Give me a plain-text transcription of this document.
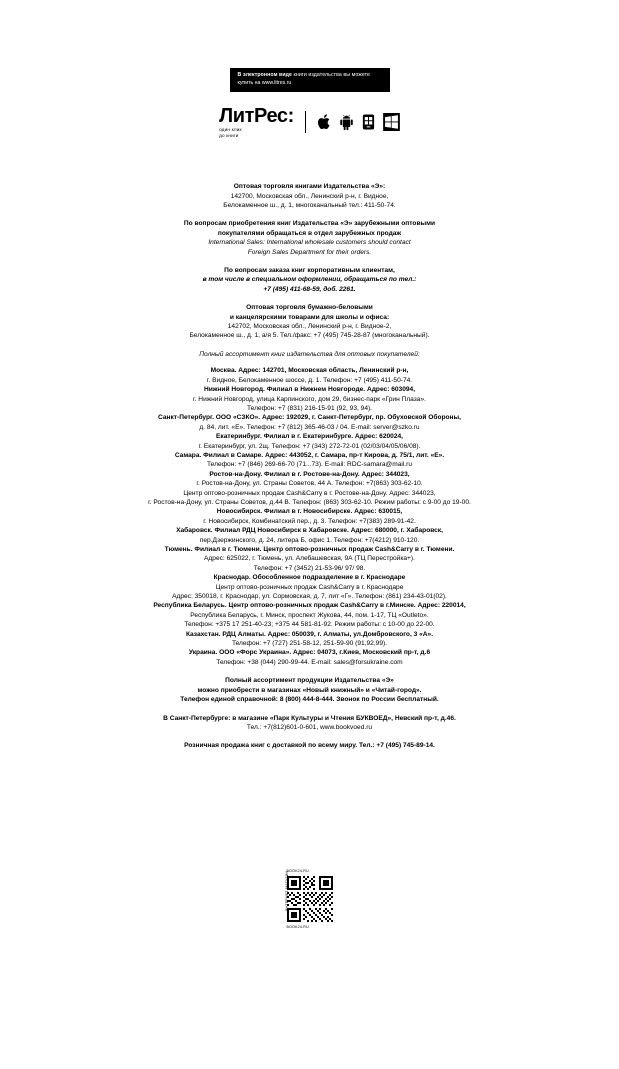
В электронном виде книги издательства вы можете
купить на www.litres.ru
ЛитРес:
один клик
до книги
Оптовая торговля книгами Издательства «Э»:
142700, Московская обл., Ленинский р-н, г. Видное,
Белокаменное ш., д. 1, многоканальный тел.: 411-50-74.
По вопросам приобретения книг Издательства «Э» зарубежными оптовыми
покупателями обращаться в отдел зарубежных продаж
International Sales: International wholesale customers should contact
Foreign Sales Department for their orders.
По вопросам заказа книг корпоративным клиентам,
в том числе в специальном оформлении, обращаться по тел.:
+7 (495) 411-68-59, доб. 2261.
Оптовая торговля бумажно-беловыми
и канцелярскими товарами для школы и офиса:
142702, Московская обл., Ленинский р-н, г. Видное-2,
Белокаменное ш., д. 1, а/я 5. Тел./факс: +7 (495) 745-28-87 (многоканальный).
Полный ассортимент книг издательства для оптовых покупателей:
Москва. Адрес: 142701, Московская область, Ленинский р-н,
г. Видное, Белокаменное шоссе, д. 1. Телефон: +7 (495) 411-50-74.
Нижний Новгород. Филиал в Нижнем Новгороде. Адрес: 603094,
г. Нижний Новгород, улица Карпинского, дом 29, бизнес-парк «Грин Плаза».
Телефон: +7 (831) 216-15-91 (92, 93, 94).
Санкт-Петербург. ООО «СЗКО». Адрес: 192029, г. Санкт-Петербург, пр. Обуховской Обороны,
д. 84, лит. «Е». Телефон: +7 (812) 365-46-03 / 04. E-mail: server@szko.ru
Екатеринбург. Филиал в г. Екатеринбурге. Адрес: 620024,
г. Екатеринбург, ул. 2щ. Телефон: +7 (343) 272-72-01 (02/03/04/05/06/08).
Самара. Филиал в Самаре. Адрес: 443052, г. Самара, пр-т Кирова, д. 75/1, лит. «Е».
Телефон: +7 (846) 269-66-70 (71...73). E-mail: RDC-samara@mail.ru
Ростов-на-Дону. Филиал в г. Ростове-на-Дону. Адрес: 344023,
г. Ростов-на-Дону, ул. Страны Советов, 44 А. Телефон: +7(863) 303-62-10.
Центр оптово-розничных продаж Cash&Carry в г. Ростове-на-Дону. Адрес: 344023,
г. Ростов-на-Дону, ул. Страны Советов, д.44 В. Телефон: (863) 303-62-10. Режим работы: с 9-00 до 19-00.
Новосибирск. Филиал в г. Новосибирске. Адрес: 630015,
г. Новосибирск, Комбинатский пер., д. 3. Телефон: +7(383) 289-91-42.
Хабаровск. Филиал РДЦ Новосибирск в Хабаровске. Адрес: 680000, г. Хабаровск,
пер.Дзержинского, д. 24, литера Б, офис 1. Телефон: +7(4212) 910-120.
Тюмень. Филиал в г. Тюмени. Центр оптово-розничных продаж Cash&Carry в г. Тюмени.
Адрес: 625022, г. Тюмень, ул. Алебашевская, 9А (ТЦ Перестройка+).
Телефон: +7 (3452) 21-53-96/ 97/ 98.
Краснодар. Обособленное подразделение в г. Краснодаре
Центр оптово-розничных продаж Cash&Carry в г. Краснодаре
Адрес: 350018, г. Краснодар, ул. Сормовская, д. 7, лит «Г». Телефон: (861) 234-43-01(02).
Республика Беларусь. Центр оптово-розничных продаж Cash&Carry в г.Минске. Адрес: 220014,
Республика Беларусь, г. Минск, проспект Жукова, 44, пом. 1-17, ТЦ «Outleto».
Телефон: +375 17 251-40-23; +375 44 581-81-92. Режим работы: с 10-00 до 22-00.
Казахстан. РДЦ Алматы. Адрес: 050039, г. Алматы, ул.Домбровского, 3 «А».
Телефон: +7 (727) 251-58-12, 251-59-90 (91,92,99).
Украина. ООО «Форс Украина». Адрес: 04073, г.Киев, Московский пр-т, д.6
Телефон: +38 (044) 290-99-44. E-mail: sales@forsukraine.com
Полный ассортимент продукции Издательства «Э»
можно приобрести в магазинах «Новый книжный» и «Читай-город».
Телефон единой справочной: 8 (800) 444-8-444. Звонок по России бесплатный.
В Санкт-Петербурге: в магазине «Парк Культуры и Чтения БУКВОЕД», Невский пр-т, д.46.
Тел.: +7(812)601-0-601, www.bookvoed.ru
Розничная продажа книг с доставкой по всему миру. Тел.: +7 (495) 745-89-14.
BOOK24.RU
ИНТЕРНЕТ-МАГАЗИН
BOOK24.RU
